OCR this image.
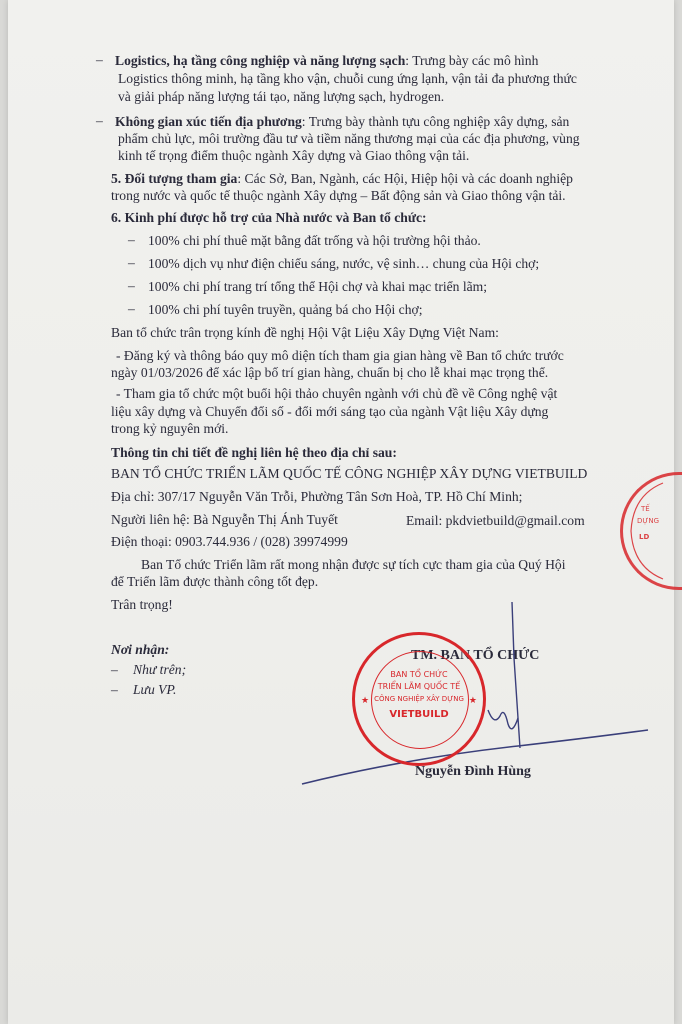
– Logistics, hạ tầng công nghiệp và năng lượng sạch: Trưng bày các mô hình
Logistics thông minh, hạ tầng kho vận, chuỗi cung ứng lạnh, vận tải đa phương thức
và giải pháp năng lượng tái tạo, năng lượng sạch, hydrogen.
– Không gian xúc tiến địa phương: Trưng bày thành tựu công nghiệp xây dựng, sản
phẩm chủ lực, môi trường đầu tư và tiềm năng thương mại của các địa phương, vùng
kinh tế trọng điểm thuộc ngành Xây dựng và Giao thông vận tải.
5. Đối tượng tham gia: Các Sở, Ban, Ngành, các Hội, Hiệp hội và các doanh nghiệp
trong nước và quốc tế thuộc ngành Xây dựng – Bất động sản và Giao thông vận tải.
6. Kinh phí được hỗ trợ của Nhà nước và Ban tổ chức:
– 100% chi phí thuê mặt bằng đất trống và hội trường hội thảo.
– 100% dịch vụ như điện chiếu sáng, nước, vệ sinh… chung của Hội chợ;
– 100% chi phí trang trí tổng thể Hội chợ và khai mạc triển lãm;
– 100% chi phí tuyên truyền, quảng bá cho Hội chợ;
Ban tổ chức trân trọng kính đề nghị Hội Vật Liệu Xây Dựng Việt Nam:
- Đăng ký và thông báo quy mô diện tích tham gia gian hàng về Ban tổ chức trước
ngày 01/03/2026 để xác lập bố trí gian hàng, chuẩn bị cho lễ khai mạc trọng thể.
- Tham gia tổ chức một buổi hội thảo chuyên ngành với chủ đề về Công nghệ vật
liệu xây dựng và Chuyển đổi số - đổi mới sáng tạo của ngành Vật liệu Xây dựng
trong kỷ nguyên mới.
Thông tin chi tiết đề nghị liên hệ theo địa chỉ sau:
BAN TỔ CHỨC TRIỂN LÃM QUỐC TẾ CÔNG NGHIỆP XÂY DỰNG VIETBUILD
Địa chỉ: 307/17 Nguyễn Văn Trỗi, Phường Tân Sơn Hoà, TP. Hồ Chí Minh;
Người liên hệ: Bà Nguyễn Thị Ánh Tuyết	Email: pkdvietbuild@gmail.com
Điện thoại: 0903.744.936 / (028) 39974999
Ban Tổ chức Triển lãm rất mong nhận được sự tích cực tham gia của Quý Hội
để Triển lãm được thành công tốt đẹp.
Trân trọng!
Nơi nhận:
– Như trên;
– Lưu VP.
TẾ
DỰNG
LD
TM. BAN TỔ CHỨC
BAN TỔ CHỨC
TRIỂN LÃM QUỐC TẾ
CÔNG NGHIỆP XÂY DỰNG
VIETBUILD
★	★
Nguyễn Đình Hùng
